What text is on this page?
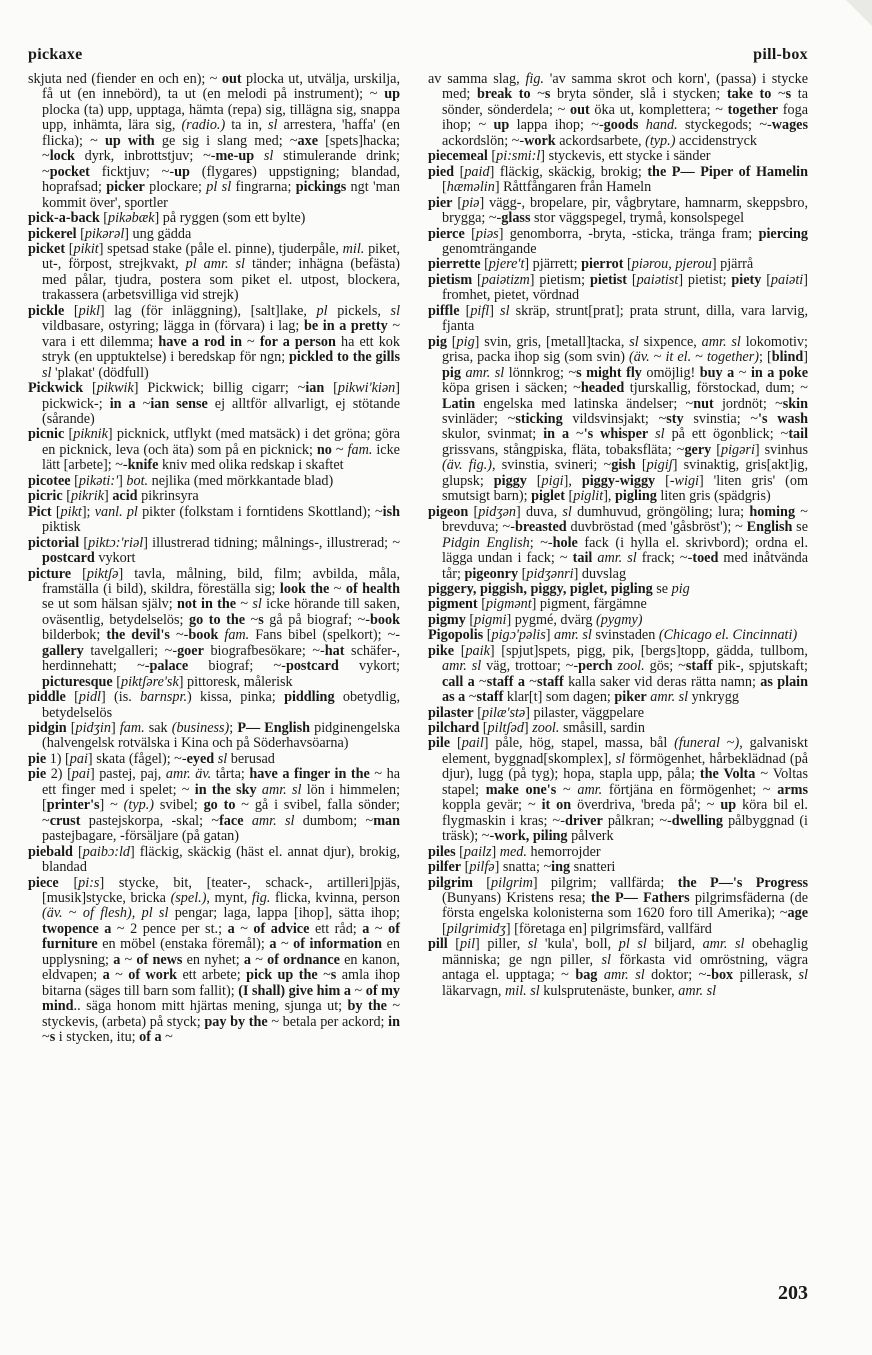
pickaxe	pill-box

skjuta ned (fiender en och en); ~ out plocka ut, utvälja, urskilja, få ut (en innebörd), ta ut (en melodi på instrument); ~ up plocka (ta) upp, upptaga, hämta (repa) sig, tillägna sig, snappa upp, inhämta, lära sig, (radio.) ta in, sl arrestera, 'haffa' (en flicka); ~ up with ge sig i slang med; ~axe [spets]hacka; ~lock dyrk, inbrottstjuv; ~-me-up sl stimulerande drink; ~pocket ficktjuv; ~-up (flygares) uppstigning; blandad, hoprafsad; picker plockare; pl sl fingrarna; pickings ngt 'man kommit över', sportler

pick-a-back [pikəbæk] på ryggen (som ett bylte)

pickerel [pikərəl] ung gädda

picket [pikit] spetsad stake (påle el. pinne), tjuderpåle, mil. piket, ut-, förpost, strejkvakt, pl amr. sl tänder; inhägna (befästa) med pålar, tjudra, postera som piket el. utpost, blockera, trakassera (arbetsvilliga vid strejk)

pickle [pikl] lag (för inläggning), [salt]lake, pl pickels, sl vildbasare, ostyring; lägga in (förvara) i lag; be in a pretty ~ vara i ett dilemma; have a rod in ~ for a person ha ett kok stryk (en upptuktelse) i beredskap för ngn; pickled to the gills sl 'plakat' (dödfull)

Pickwick [pikwik] Pickwick; billig cigarr; ~ian [pikwi'kiən] pickwick-; in a ~ian sense ej alltför allvarligt, ej stötande (sårande)

picnic [piknik] picknick, utflykt (med matsäck) i det gröna; göra en picknick, leva (och äta) som på en picknick; no ~ fam. icke lätt [arbete]; ~-knife kniv med olika redskap i skaftet

picotee [pikəti:'] bot. nejlika (med mörkkantade blad)

picric [pikrik] acid pikrinsyra

Pict [pikt]; vanl. pl pikter (folkstam i forntidens Skottland); ~ish piktisk

pictorial [piktɔ:'riəl] illustrerad tidning; målnings-, illustrerad; ~ postcard vykort

picture [piktʃə] tavla, målning, bild, film; avbilda, måla, framställa (i bild), skildra, föreställa sig; look the ~ of health se ut som hälsan själv; not in the ~ sl icke hörande till saken, oväsentlig, betydelselös; go to the ~s gå på biograf; ~-book bilderbok; the devil's ~-book fam. Fans bibel (spelkort); ~-gallery tavelgalleri; ~-goer biografbesökare; ~-hat schäfer-, herdinnehatt; ~-palace biograf; ~-postcard vykort; picturesque [piktʃəre'sk] pittoresk, målerisk

piddle [pidl] (is. barnspr.) kissa, pinka; piddling obetydlig, betydelselös

pidgin [pidʒin] fam. sak (business); P— English pidginengelska (halvengelsk rotvälska i Kina och på Söderhavsöarna)

pie 1) [pai] skata (fågel); ~-eyed sl berusad

pie 2) [pai] pastej, paj, amr. äv. tårta; have a finger in the ~ ha ett finger med i spelet; ~ in the sky amr. sl lön i himmelen; [printer's] ~ (typ.) svibel; go to ~ gå i svibel, falla sönder; ~crust pastejskorpa, -skal; ~face amr. sl dumbom; ~man pastejbagare, -försäljare (på gatan)

piebald [paibɔ:ld] fläckig, skäckig (häst el. annat djur), brokig, blandad

piece [pi:s] stycke, bit, [teater-, schack-, artilleri]pjäs, [musik]stycke, bricka (spel.), mynt, fig. flicka, kvinna, person (äv. ~ of flesh), pl sl pengar; laga, lappa [ihop], sätta ihop; twopence a ~ 2 pence per st.; a ~ of advice ett råd; a ~ of furniture en möbel (enstaka föremål); a ~ of information en upplysning; a ~ of news en nyhet; a ~ of ordnance en kanon, eldvapen; a ~ of work ett arbete; pick up the ~s amla ihop bitarna (säges till barn som fallit); (I shall) give him a ~ of my mind.. säga honom mitt hjärtas mening, sjunga ut; by the ~ styckevis, (arbeta) på styck; pay by the ~ betala per ackord; in ~s i stycken, itu; of a ~

av samma slag, fig. 'av samma skrot och korn', (passa) i stycke med; break to ~s bryta sönder, slå i stycken; take to ~s ta sönder, sönderdela; ~ out öka ut, komplettera; ~ together foga ihop; ~ up lappa ihop; ~-goods hand. styckegods; ~-wages ackordslön; ~-work ackordsarbete, (typ.) accidenstryck

piecemeal [pi:smi:l] styckevis, ett stycke i sänder

pied [paid] fläckig, skäckig, brokig; the P— Piper of Hamelin [hæməlin] Råttfångaren från Hameln

pier [piə] vägg-, bropelare, pir, vågbrytare, hamnarm, skeppsbro, brygga; ~-glass stor väggspegel, trymå, konsolspegel

pierce [piəs] genomborra, -bryta, -sticka, tränga fram; piercing genomträngande

pierrette [pjere't] pjärrett; pierrot [piərou, pjerou] pjärrå

pietism [paiətizm] pietism; pietist [paiətist] pietist; piety [paiəti] fromhet, pietet, vördnad

piffle [pifl] sl skräp, strunt[prat]; prata strunt, dilla, vara larvig, fjanta

pig [pig] svin, gris, [metall]tacka, sl sixpence, amr. sl lokomotiv; grisa, packa ihop sig (som svin) (äv. ~ it el. ~ together); [blind] pig amr. sl lönnkrog; ~s might fly omöjlig! buy a ~ in a poke köpa grisen i säcken; ~headed tjurskallig, förstockad, dum; ~ Latin engelska med latinska ändelser; ~nut jordnöt; ~skin svinläder; ~sticking vildsvinsjakt; ~sty svinstia; ~'s wash skulor, svinmat; in a ~'s whisper sl på ett ögonblick; ~tail grissvans, stångpiska, fläta, tobaksfläta; ~gery [pigəri] svinhus (äv. fig.), svinstia, svineri; ~gish [pigiʃ] svinaktig, gris[akt]ig, glupsk; piggy [pigi], piggy-wiggy [-wigi] 'liten gris' (om smutsigt barn); piglet [piglit], pigling liten gris (spädgris)

pigeon [pidʒən] duva, sl dumhuvud, gröngöling; lura; homing ~ brevduva; ~-breasted duvbröstad (med 'gåsbröst'); ~ English se Pidgin English; ~-hole fack (i hylla el. skrivbord); ordna el. lägga undan i fack; ~ tail amr. sl frack; ~-toed med inåtvända tår; pigeonry [pidʒənri] duvslag

piggery, piggish, piggy, piglet, pigling se pig

pigment [pigmənt] pigment, färgämne

pigmy [pigmi] pygmé, dvärg (pygmy)

Pigopolis [pigɔ'pəlis] amr. sl svinstaden (Chicago el. Cincinnati)

pike [paik] [spjut]spets, pigg, pik, [bergs]topp, gädda, tullbom, amr. sl väg, trottoar; ~-perch zool. gös; ~staff pik-, spjutskaft; call a ~staff a ~staff kalla saker vid deras rätta namn; as plain as a ~staff klar[t] som dagen; piker amr. sl ynkrygg

pilaster [pilæ'stə] pilaster, väggpelare

pilchard [piltʃəd] zool. småsill, sardin

pile [pail] påle, hög, stapel, massa, bål (funeral ~), galvaniskt element, byggnad[skomplex], sl förmögenhet, hårbeklädnad (på djur), lugg (på tyg); hopa, stapla upp, påla; the Volta ~ Voltas stapel; make one's ~ amr. förtjäna en förmögenhet; ~ arms koppla gevär; ~ it on överdriva, 'breda på'; ~ up köra bil el. flygmaskin i kras; ~-driver pålkran; ~-dwelling pålbyggnad (i träsk); ~-work, piling pålverk

piles [pailz] med. hemorrojder

pilfer [pilfə] snatta; ~ing snatteri

pilgrim [pilgrim] pilgrim; vallfärda; the P—'s Progress (Bunyans) Kristens resa; the P— Fathers pilgrimsfäderna (de första engelska kolonisterna som 1620 foro till Amerika); ~age [pilgrimidʒ] [företaga en] pilgrimsfärd, vallfärd

pill [pil] piller, sl 'kula', boll, pl sl biljard, amr. sl obehaglig människa; ge ngn piller, sl förkasta vid omröstning, vägra antaga el. upptaga; ~ bag amr. sl doktor; ~-box pillerask, sl läkarvagn, mil. sl kulsprutenäste, bunker, amr. sl

203
